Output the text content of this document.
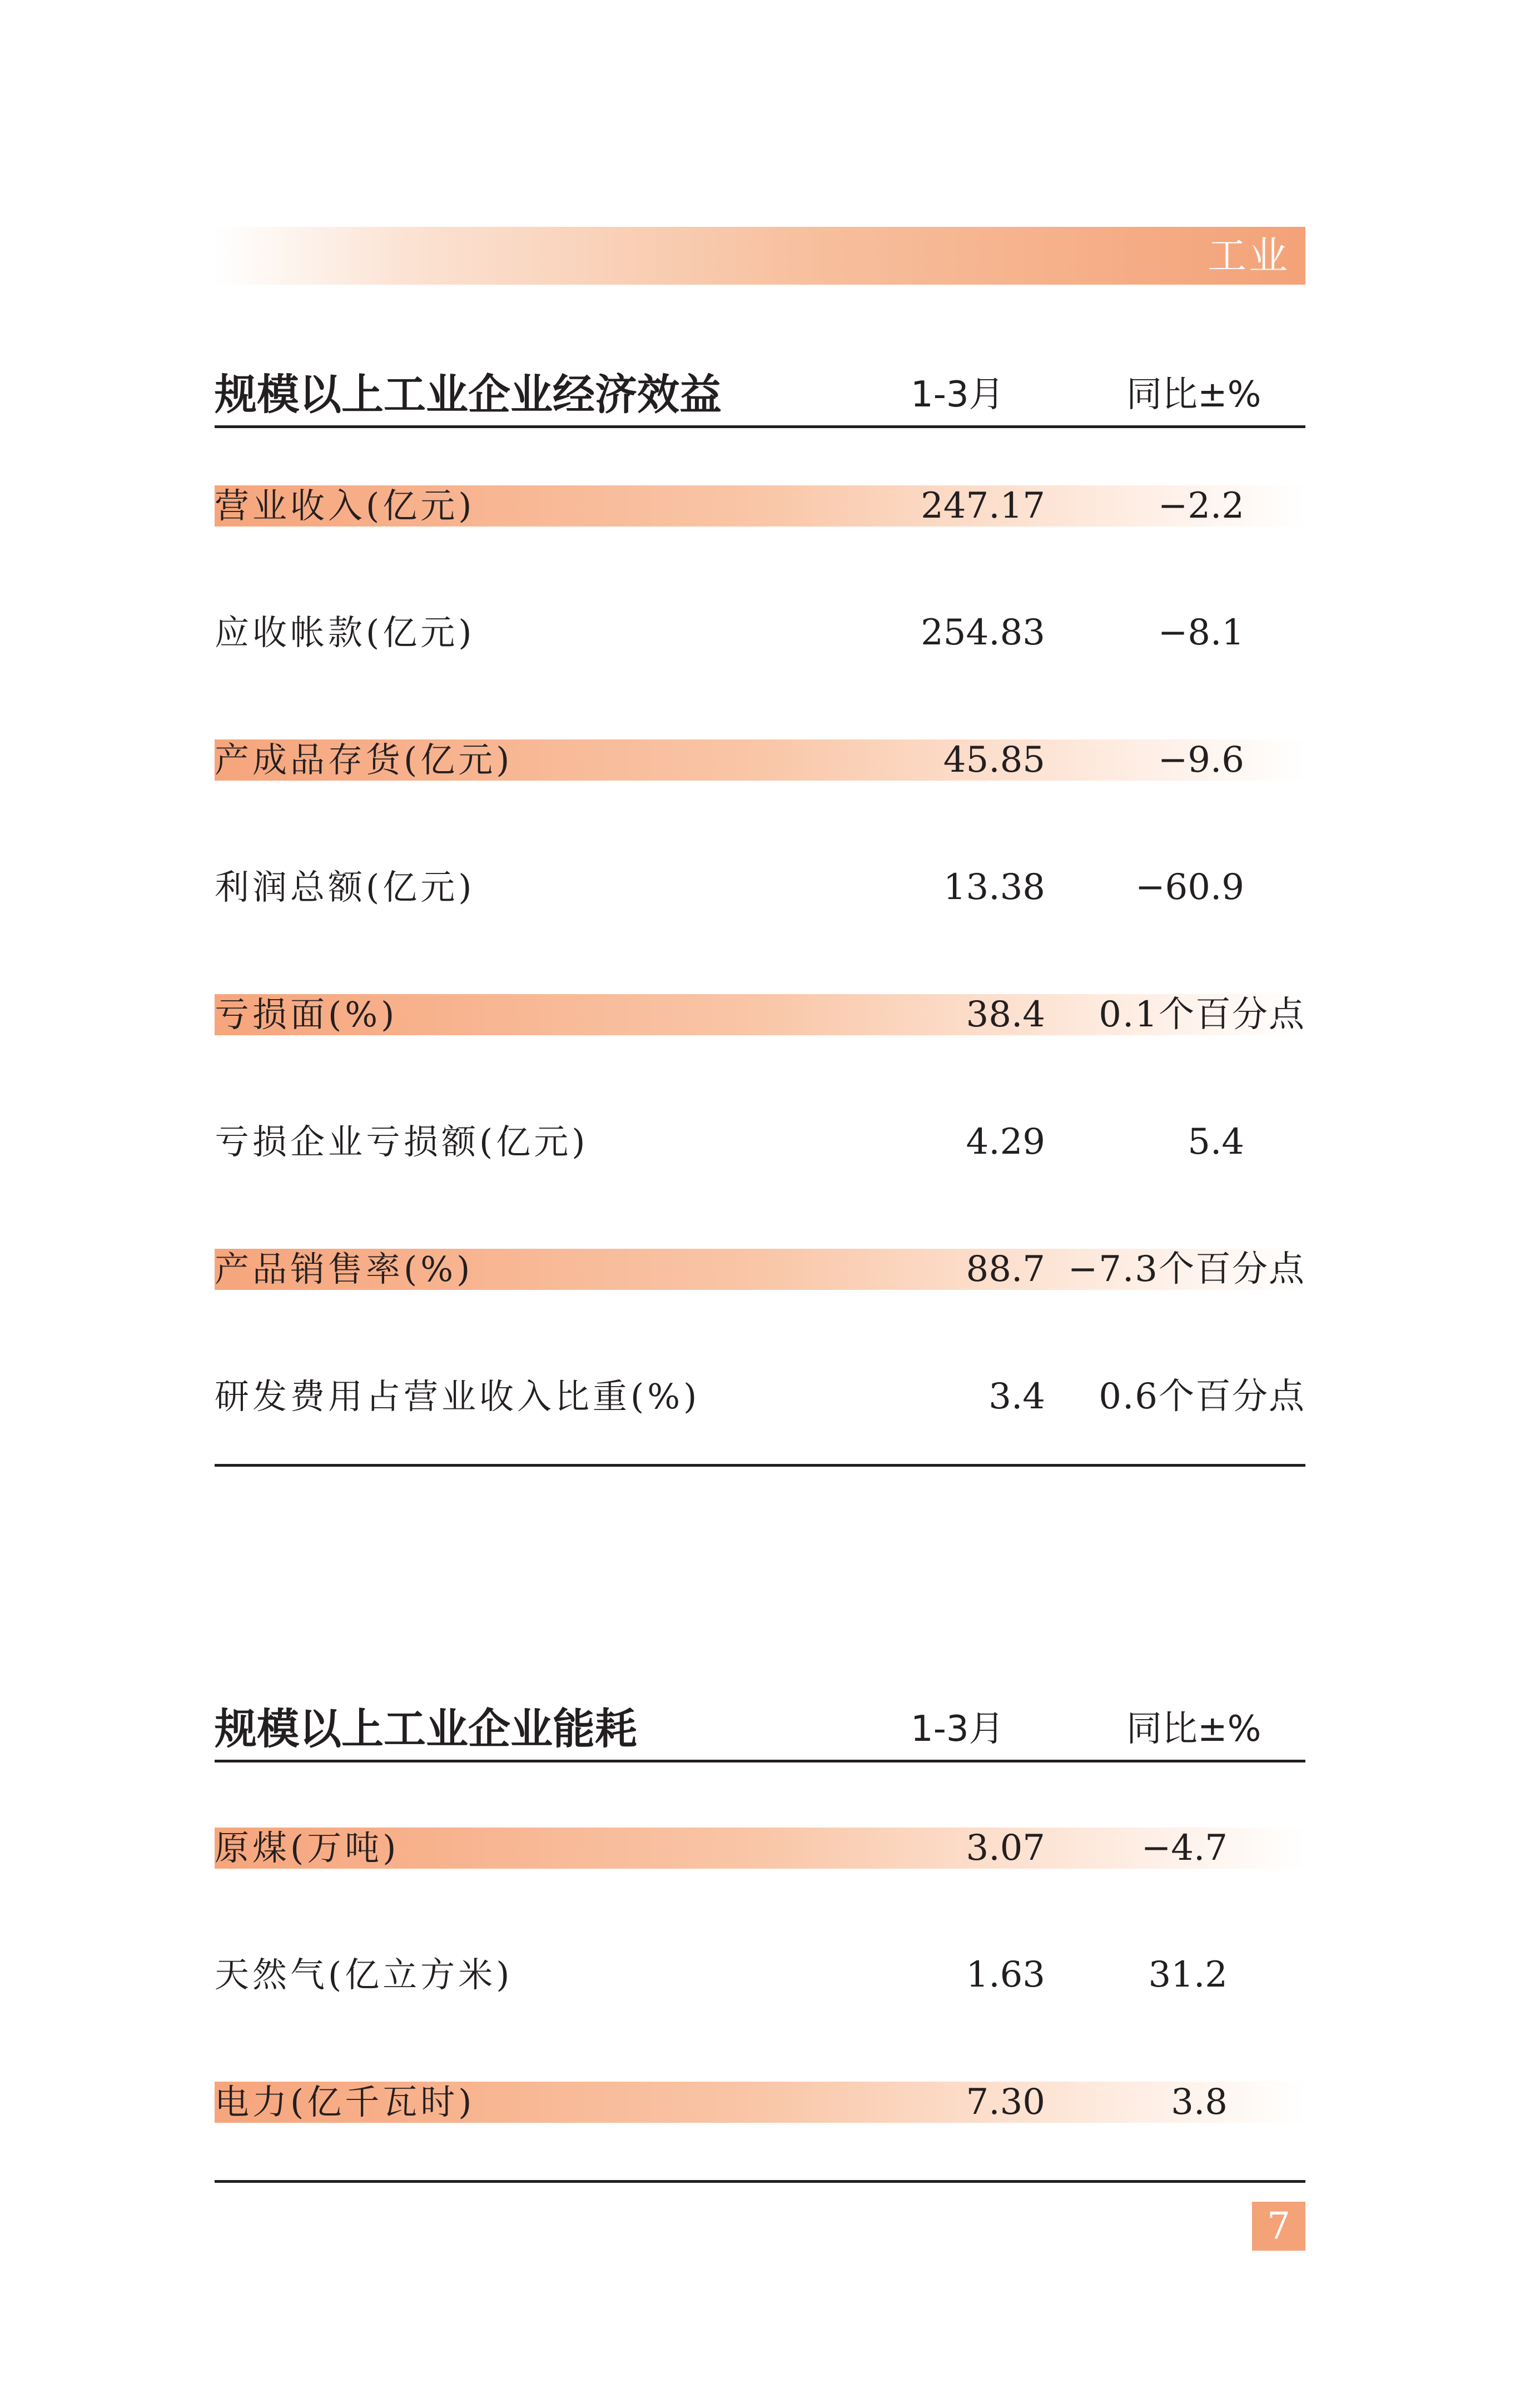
工业
规模以上工业企业经济效益	1-3月	同比±%
营业收入(亿元)	247.17	−2.2
应收帐款(亿元)	254.83	−8.1
产成品存货(亿元)	45.85	−9.6
利润总额(亿元)	13.38	−60.9
亏损面(%)	38.4 0.1个百分点
亏损企业亏损额(亿元)	4.29	5.4
产品销售率(%)	88.7 −7.3个百分点
研发费用占营业收入比重(%)	3.4 0.6个百分点
规模以上工业企业能耗	1-3月	同比±%
原煤(万吨)	3.07	−4.7
天然气(亿立方米)	1.63	31.2
电力(亿千瓦时)	7.30	3.8
7
